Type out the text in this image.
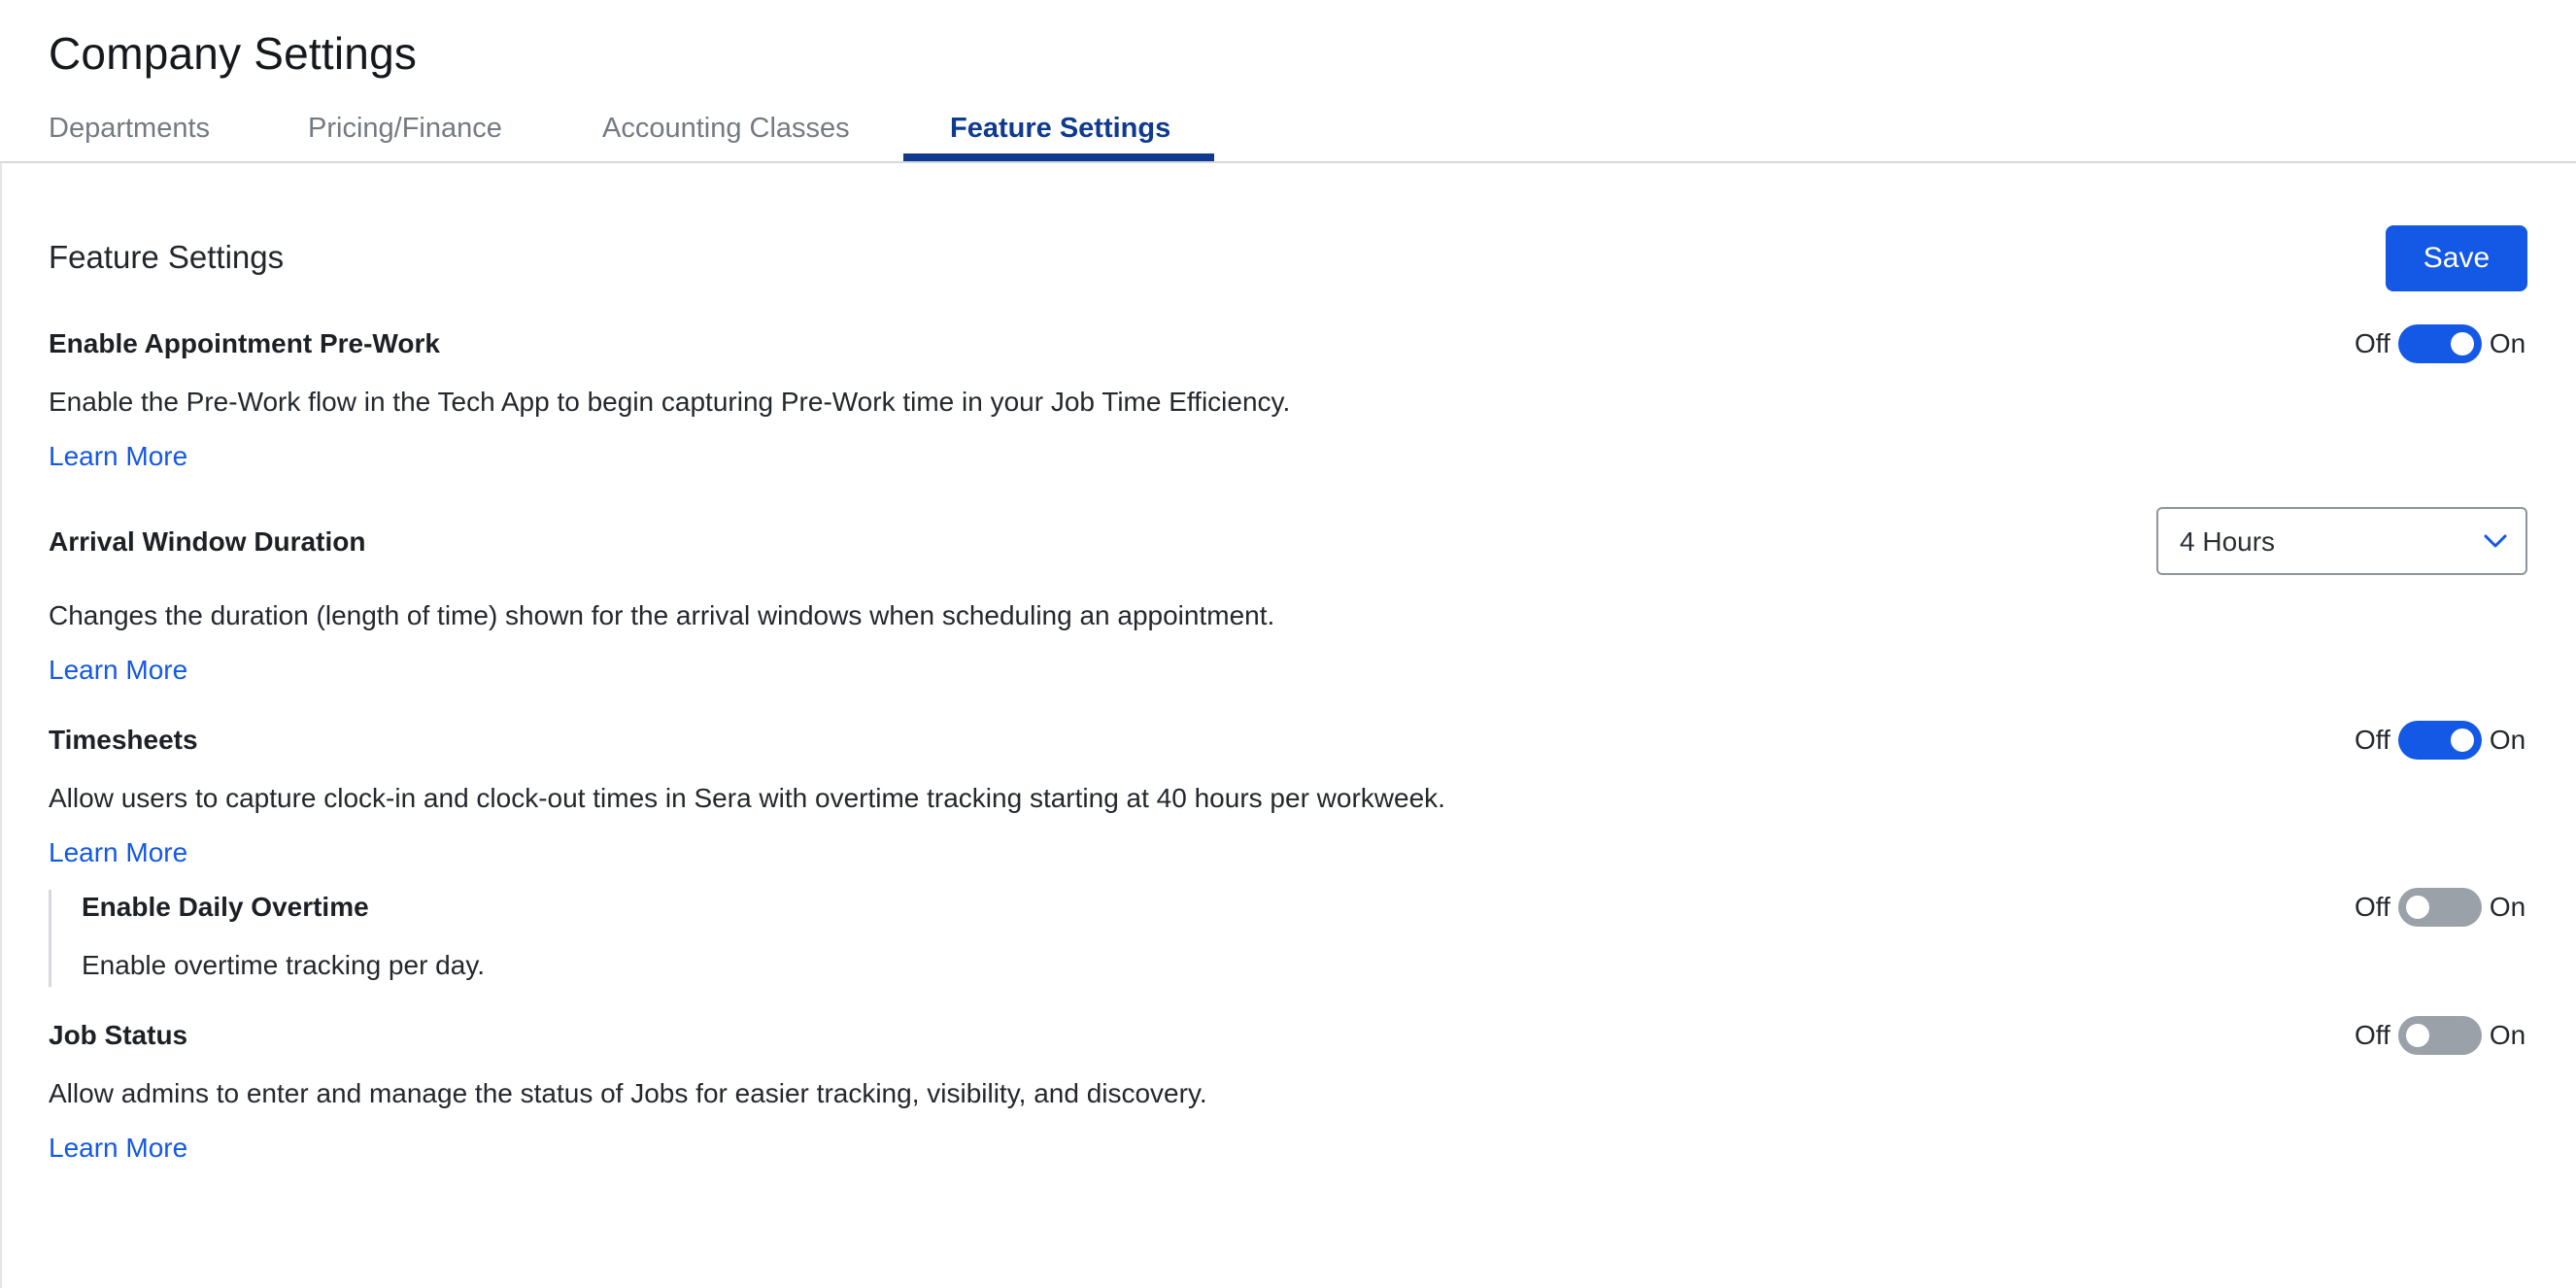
Company Settings
Departments	Pricing/Finance	Accounting Classes	Feature Settings
Feature Settings	Save
Enable Appointment Pre-Work	Off	On
Enable the Pre-Work flow in the Tech App to begin capturing Pre-Work time in your Job Time Efficiency.
Learn More
Arrival Window Duration	4 Hours
Changes the duration (length of time) shown for the arrival windows when scheduling an appointment.
Learn More
Timesheets	Off	On
Allow users to capture clock-in and clock-out times in Sera with overtime tracking starting at 40 hours per workweek.
Learn More
Enable Daily Overtime	Off	On
Enable overtime tracking per day.
Job Status	Off	On
Allow admins to enter and manage the status of Jobs for easier tracking, visibility, and discovery.
Learn More
